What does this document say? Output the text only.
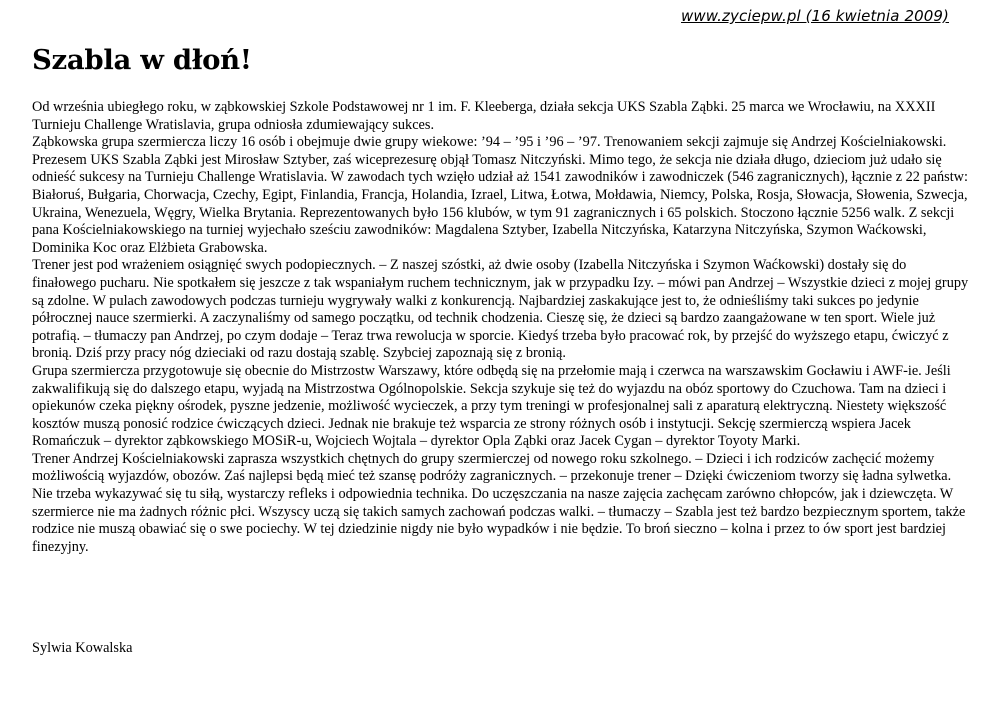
www.zyciepw.pl (16 kwietnia 2009)
Szabla w dłoń!

Od września ubiegłego roku, w ząbkowskiej Szkole Podstawowej nr 1 im. F. Kleeberga, działa sekcja UKS Szabla Ząbki. 25 marca we Wrocławiu, na XXXII Turnieju Challenge Wratislavia, grupa odniosła zdumiewający sukces.

Ząbkowska grupa szermiercza liczy 16 osób i obejmuje dwie grupy wiekowe: ’94 – ’95 i ’96 – ’97. Trenowaniem sekcji zajmuje się Andrzej Kościelniakowski. Prezesem UKS Szabla Ząbki jest Mirosław Sztyber, zaś wiceprezesurę objął Tomasz Nitczyński. Mimo tego, że sekcja nie działa długo, dzieciom już udało się odnieść sukcesy na Turnieju Challenge Wratislavia. W zawodach tych wzięło udział aż 1541 zawodników i zawodniczek (546 zagranicznych), łącznie z 22 państw: Białoruś, Bułgaria, Chorwacja, Czechy, Egipt, Finlandia, Francja, Holandia, Izrael, Litwa, Łotwa, Mołdawia, Niemcy, Polska, Rosja, Słowacja, Słowenia, Szwecja, Ukraina, Wenezuela, Węgry, Wielka Brytania. Reprezentowanych było 156 klubów, w tym 91 zagranicznych i 65 polskich. Stoczono łącznie 5256 walk. Z sekcji pana Kościelniakowskiego na turniej wyjechało sześciu zawodników: Magdalena Sztyber, Izabella Nitczyńska, Katarzyna Nitczyńska, Szymon Waćkowski, Dominika Koc oraz Elżbieta Grabowska.

Trener jest pod wrażeniem osiągnięć swych podopiecznych. – Z naszej szóstki, aż dwie osoby (Izabella Nitczyńska i Szymon Waćkowski) dostały się do finałowego pucharu. Nie spotkałem się jeszcze z tak wspaniałym ruchem technicznym, jak w przypadku Izy. – mówi pan Andrzej – Wszystkie dzieci z mojej grupy są zdolne. W pulach zawodowych podczas turnieju wygrywały walki z konkurencją. Najbardziej zaskakujące jest to, że odnieśliśmy taki sukces po jedynie półrocznej nauce szermierki. A zaczynaliśmy od samego początku, od technik chodzenia. Cieszę się, że dzieci są bardzo zaangażowane w ten sport. Wiele już potrafią. – tłumaczy pan Andrzej, po czym dodaje – Teraz trwa rewolucja w sporcie. Kiedyś trzeba było pracować rok, by przejść do wyższego etapu, ćwiczyć z bronią. Dziś przy pracy nóg dzieciaki od razu dostają szablę. Szybciej zapoznają się z bronią.

Grupa szermiercza przygotowuje się obecnie do Mistrzostw Warszawy, które odbędą się na przełomie mają i czerwca na warszawskim Gocławiu i AWF-ie. Jeśli zakwalifikują się do dalszego etapu, wyjadą na Mistrzostwa Ogólnopolskie. Sekcja szykuje się też do wyjazdu na obóz sportowy do Czuchowa. Tam na dzieci i opiekunów czeka piękny ośrodek, pyszne jedzenie, możliwość wycieczek, a przy tym treningi w profesjonalnej sali z aparaturą elektryczną. Niestety większość kosztów muszą ponosić rodzice ćwiczących dzieci. Jednak nie brakuje też wsparcia ze strony różnych osób i instytucji. Sekcję szermierczą wspiera Jacek Romańczuk – dyrektor ząbkowskiego MOSiR-u, Wojciech Wojtala – dyrektor Opla Ząbki oraz Jacek Cygan – dyrektor Toyoty Marki.

Trener Andrzej Kościelniakowski zaprasza wszystkich chętnych do grupy szermierczej od nowego roku szkolnego. – Dzieci i ich rodziców zachęcić możemy możliwością wyjazdów, obozów. Zaś najlepsi będą mieć też szansę podróży zagranicznych. – przekonuje trener – Dzięki ćwiczeniom tworzy się ładna sylwetka. Nie trzeba wykazywać się tu siłą, wystarczy refleks i odpowiednia technika. Do uczęszczania na nasze zajęcia zachęcam zarówno chłopców, jak i dziewczęta. W szermierce nie ma żadnych różnic płci. Wszyscy uczą się takich samych zachowań podczas walki. – tłumaczy – Szabla jest też bardzo bezpiecznym sportem, także rodzice nie muszą obawiać się o swe pociechy. W tej dziedzinie nigdy nie było wypadków i nie będzie. To broń sieczno – kolna i przez to ów sport jest bardziej finezyjny.

Sylwia Kowalska
